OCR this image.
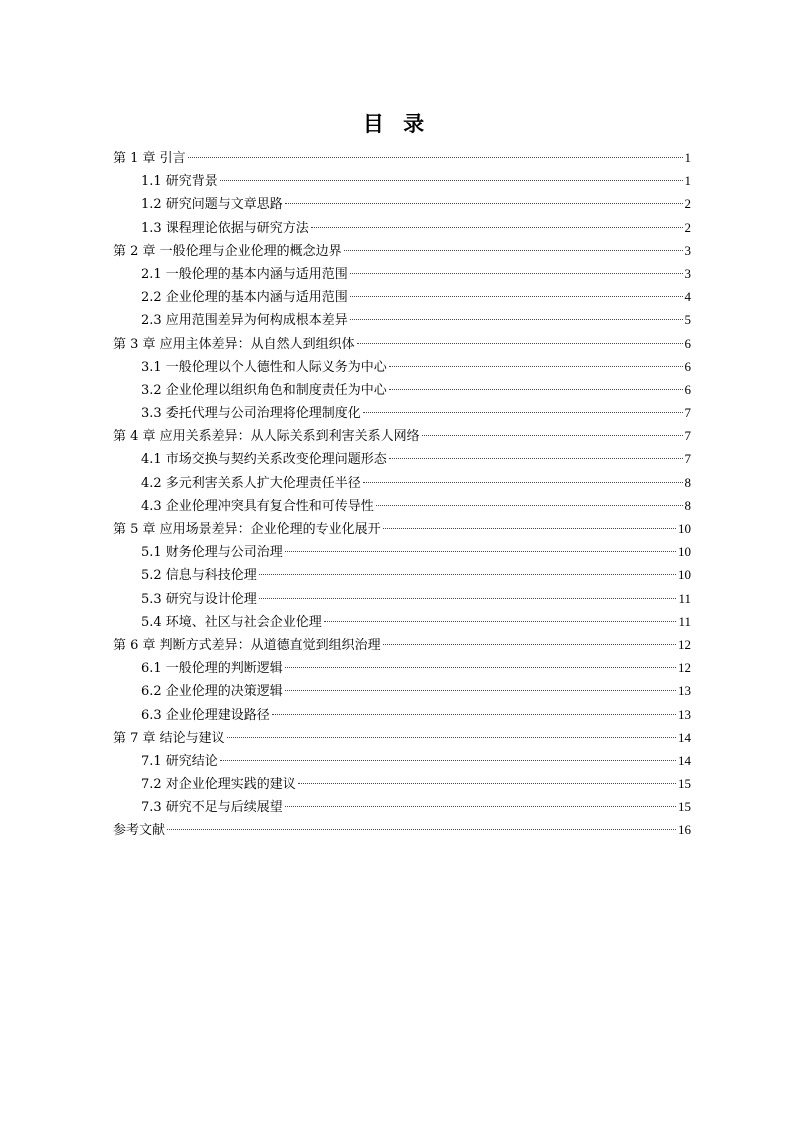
目 录
第 1 章 引言	1
1.1 研究背景	1
1.2 研究问题与文章思路	2
1.3 课程理论依据与研究方法	2
第 2 章 一般伦理与企业伦理的概念边界	3
2.1 一般伦理的基本内涵与适用范围	3
2.2 企业伦理的基本内涵与适用范围	4
2.3 应用范围差异为何构成根本差异	5
第 3 章 应用主体差异：从自然人到组织体	6
3.1 一般伦理以个人德性和人际义务为中心	6
3.2 企业伦理以组织角色和制度责任为中心	6
3.3 委托代理与公司治理将伦理制度化	7
第 4 章 应用关系差异：从人际关系到利害关系人网络	7
4.1 市场交换与契约关系改变伦理问题形态	7
4.2 多元利害关系人扩大伦理责任半径	8
4.3 企业伦理冲突具有复合性和可传导性	8
第 5 章 应用场景差异：企业伦理的专业化展开	10
5.1 财务伦理与公司治理	10
5.2 信息与科技伦理	10
5.3 研究与设计伦理	11
5.4 环境、社区与社会企业伦理	11
第 6 章 判断方式差异：从道德直觉到组织治理	12
6.1 一般伦理的判断逻辑	12
6.2 企业伦理的决策逻辑	13
6.3 企业伦理建设路径	13
第 7 章 结论与建议	14
7.1 研究结论	14
7.2 对企业伦理实践的建议	15
7.3 研究不足与后续展望	15
参考文献	16
